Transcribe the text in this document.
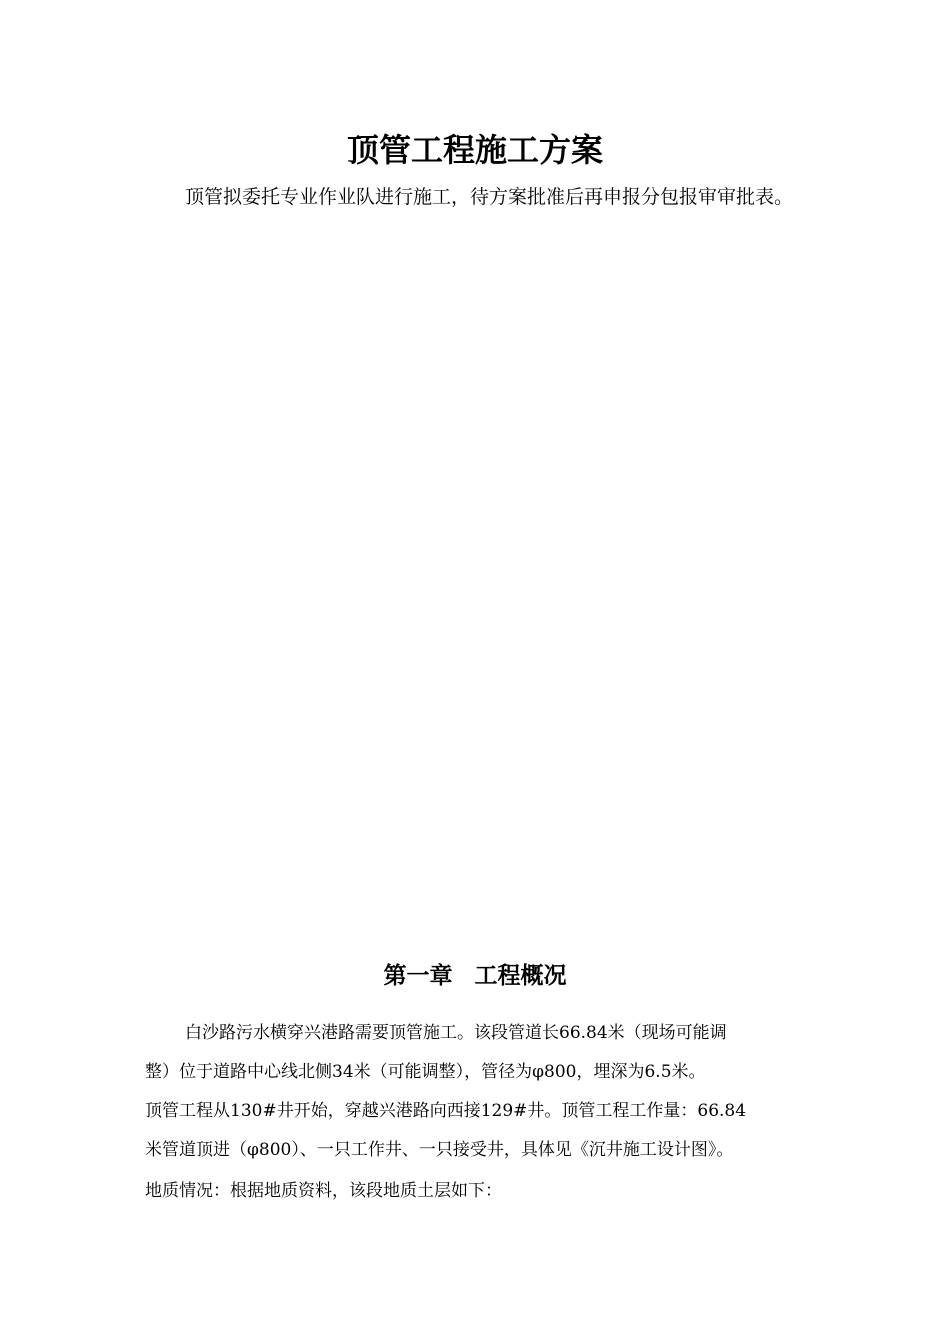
顶管工程施工方案

顶管拟委托专业作业队进行施工，待方案批准后再申报分包报审审批表。

第一章 工程概况
白沙路污水横穿兴港路需要顶管施工。该段管道长66.84米（现场可能调
整）位于道路中心线北侧34米（可能调整），管径为φ800，埋深为6.5米。
顶管工程从130#井开始，穿越兴港路向西接129#井。顶管工程工作量：66.84
米管道顶进（φ800）、一只工作井、一只接受井，具体见《沉井施工设计图》。
地质情况：根据地质资料，该段地质土层如下：
